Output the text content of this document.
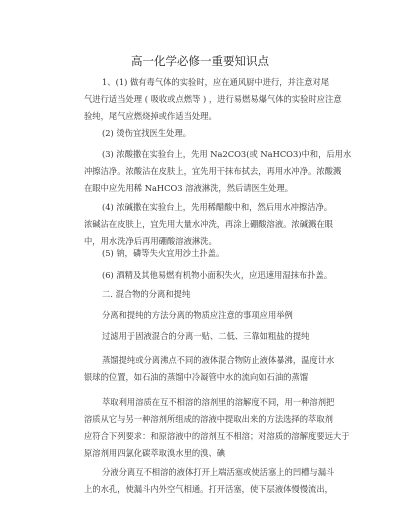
高一化学必修一重要知识点
1、(1) 做有毒气体的实验时，应在通风厨中进行，并注意对尾
气进行适当处理 ( 吸收或点燃等 ) ，进行易燃易爆气体的实验时应注意
验纯，尾气应燃烧掉或作适当处理。
(2) 烫伤宜找医生处理。
(3) 浓酸撒在实验台上，先用 Na2CO3(或 NaHCO3)中和，后用水
冲擦洁净。浓酸沾在皮肤上，宜先用干抹布拭去，再用水冲净。浓酸溅
在眼中应先用稀 NaHCO3 溶液淋洗，然后请医生处理。
(4) 浓碱撒在实验台上，先用稀醋酸中和，然后用水冲擦洁净。
浓碱沾在皮肤上，宜先用大量水冲洗，再涂上硼酸溶液。浓碱溅在眼
中，用水洗净后再用硼酸溶液淋洗。
(5) 钠，磷等失火宜用沙土扑盖。
(6) 酒精及其他易燃有机物小面积失火，应迅速用湿抹布扑盖。
二. 混合物的分离和提纯
分离和提纯的方法分离的物质应注意的事项应用举例
过滤用于固液混合的分离一贴、二低、三靠如粗盐的提纯
蒸馏提纯或分离沸点不同的液体混合物防止液体暴沸，温度计水
银球的位置，如石油的蒸馏中冷凝管中水的流向如石油的蒸馏
萃取利用溶质在互不相溶的溶剂里的溶解度不同，用一种溶剂把
溶质从它与另一种溶剂所组成的溶液中提取出来的方法选择的萃取剂
应符合下列要求：和原溶液中的溶剂互不相溶；对溶质的溶解度要远大于
原溶剂用四氯化碳萃取溴水里的溴、碘
分液分离互不相溶的液体打开上端活塞或使活塞上的凹槽与漏斗
上的水孔，使漏斗内外空气相通。打开活塞，使下层液体慢慢流出，
